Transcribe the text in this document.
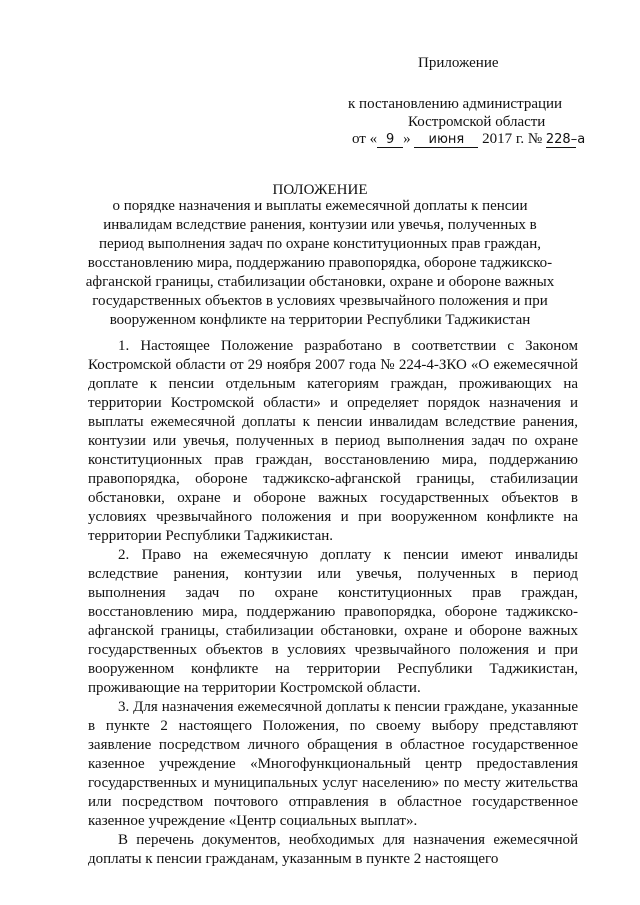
Приложение
к постановлению администрации
Костромской области
от « 9 » июня 2017 г. № 228–а
ПОЛОЖЕНИЕ
о порядке назначения и выплаты ежемесячной доплаты к пенсии инвалидам вследствие ранения, контузии или увечья, полученных в период выполнения задач по охране конституционных прав граждан, восстановлению мира, поддержанию правопорядка, обороне таджикско-афганской границы, стабилизации обстановки, охране и обороне важных государственных объектов в условиях чрезвычайного положения и при вооруженном конфликте на территории Республики Таджикистан

1. Настоящее Положение разработано в соответствии с Законом Костромской области от 29 ноября 2007 года № 224-4-ЗКО «О ежемесячной доплате к пенсии отдельным категориям граждан, проживающих на территории Костромской области» и определяет порядок назначения и выплаты ежемесячной доплаты к пенсии инвалидам вследствие ранения, контузии или увечья, полученных в период выполнения задач по охране конституционных прав граждан, восстановлению мира, поддержанию правопорядка, обороне таджикско-афганской границы, стабилизации обстановки, охране и обороне важных государственных объектов в условиях чрезвычайного положения и при вооруженном конфликте на территории Республики Таджикистан.

2. Право на ежемесячную доплату к пенсии имеют инвалиды вследствие ранения, контузии или увечья, полученных в период выполнения задач по охране конституционных прав граждан, восстановлению мира, поддержанию правопорядка, обороне таджикско-афганской границы, стабилизации обстановки, охране и обороне важных государственных объектов в условиях чрезвычайного положения и при вооруженном конфликте на территории Республики Таджикистан, проживающие на территории Костромской области.

3. Для назначения ежемесячной доплаты к пенсии граждане, указанные в пункте 2 настоящего Положения, по своему выбору представляют заявление посредством личного обращения в областное государственное казенное учреждение «Многофункциональный центр предоставления государственных и муниципальных услуг населению» по месту жительства или посредством почтового отправления в областное государственное казенное учреждение «Центр социальных выплат».

В перечень документов, необходимых для назначения ежемесячной доплаты к пенсии гражданам, указанным в пункте 2 настоящего
